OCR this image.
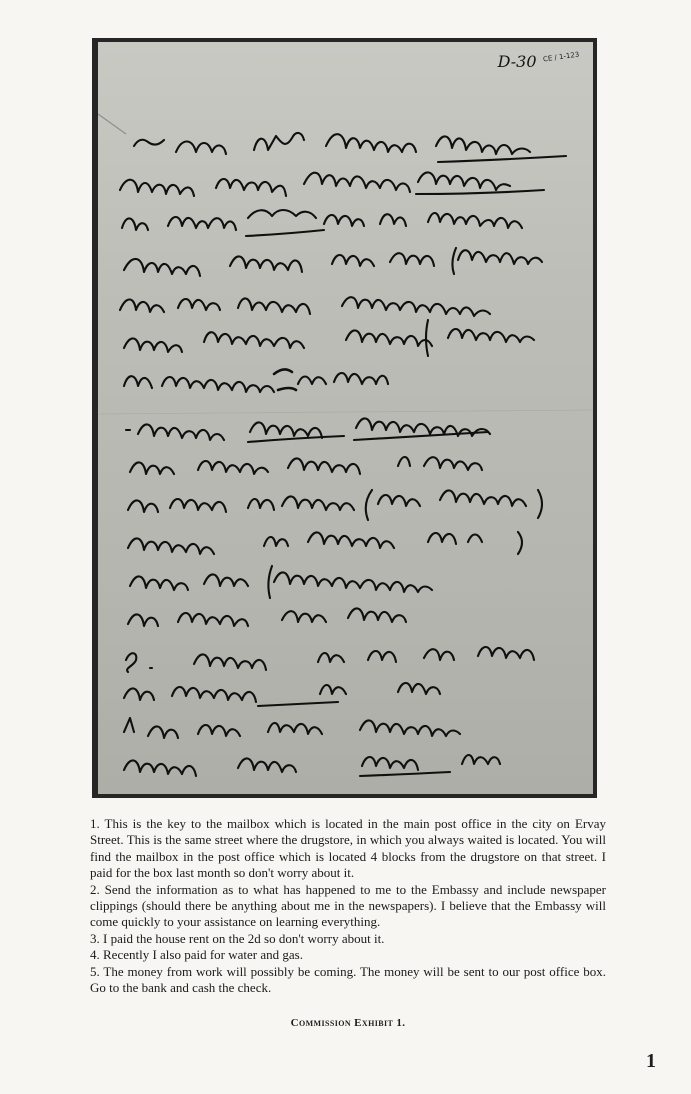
D-30 CE / 1-123

1. This is the key to the mailbox which is located in the main post office in the city on Ervay Street. This is the same street where the drugstore, in which you always waited is located. You will find the mailbox in the post office which is located 4 blocks from the drugstore on that street. I paid for the box last month so don't worry about it.

2. Send the information as to what has happened to me to the Embassy and include newspaper clippings (should there be anything about me in the newspapers). I believe that the Embassy will come quickly to your assistance on learning everything.

3. I paid the house rent on the 2d so don't worry about it.

4. Recently I also paid for water and gas.

5. The money from work will possibly be coming. The money will be sent to our post office box. Go to the bank and cash the check.

Commission Exhibit 1.
1
